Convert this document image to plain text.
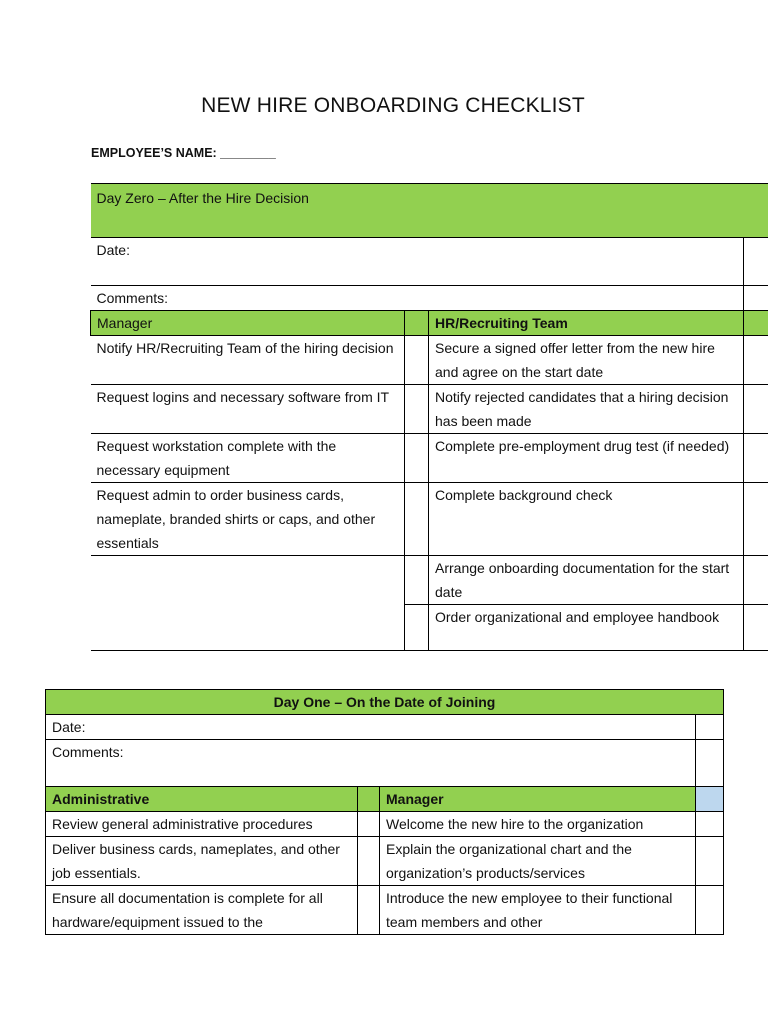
NEW HIRE ONBOARDING CHECKLIST
EMPLOYEE’S NAME: ________
Day Zero – After the Hire Decision			
Date:			
Comments:			
Manager		HR/Recruiting Team	
Notify HR/Recruiting Team of the hiring decision		Secure a signed offer letter from the new hire and agree on the start date	
Request logins and necessary software from IT		Notify rejected candidates that a hiring decision has been made	
Request workstation complete with the necessary equipment		Complete pre-employment drug test (if needed)	
Request admin to order business cards, nameplate, branded shirts or caps, and other essentials		Complete background check	
		Arrange onboarding documentation for the start date	
		Order organizational and employee handbook	
Day One – On the Date of Joining			
Date:			
Comments:			
Administrative		Manager	
Review general administrative procedures		Welcome the new hire to the organization	
Deliver business cards, nameplates, and other job essentials.		Explain the organizational chart and the organization’s products/services	
Ensure all documentation is complete for all hardware/equipment issued to the		Introduce the new employee to their functional team members and other	
